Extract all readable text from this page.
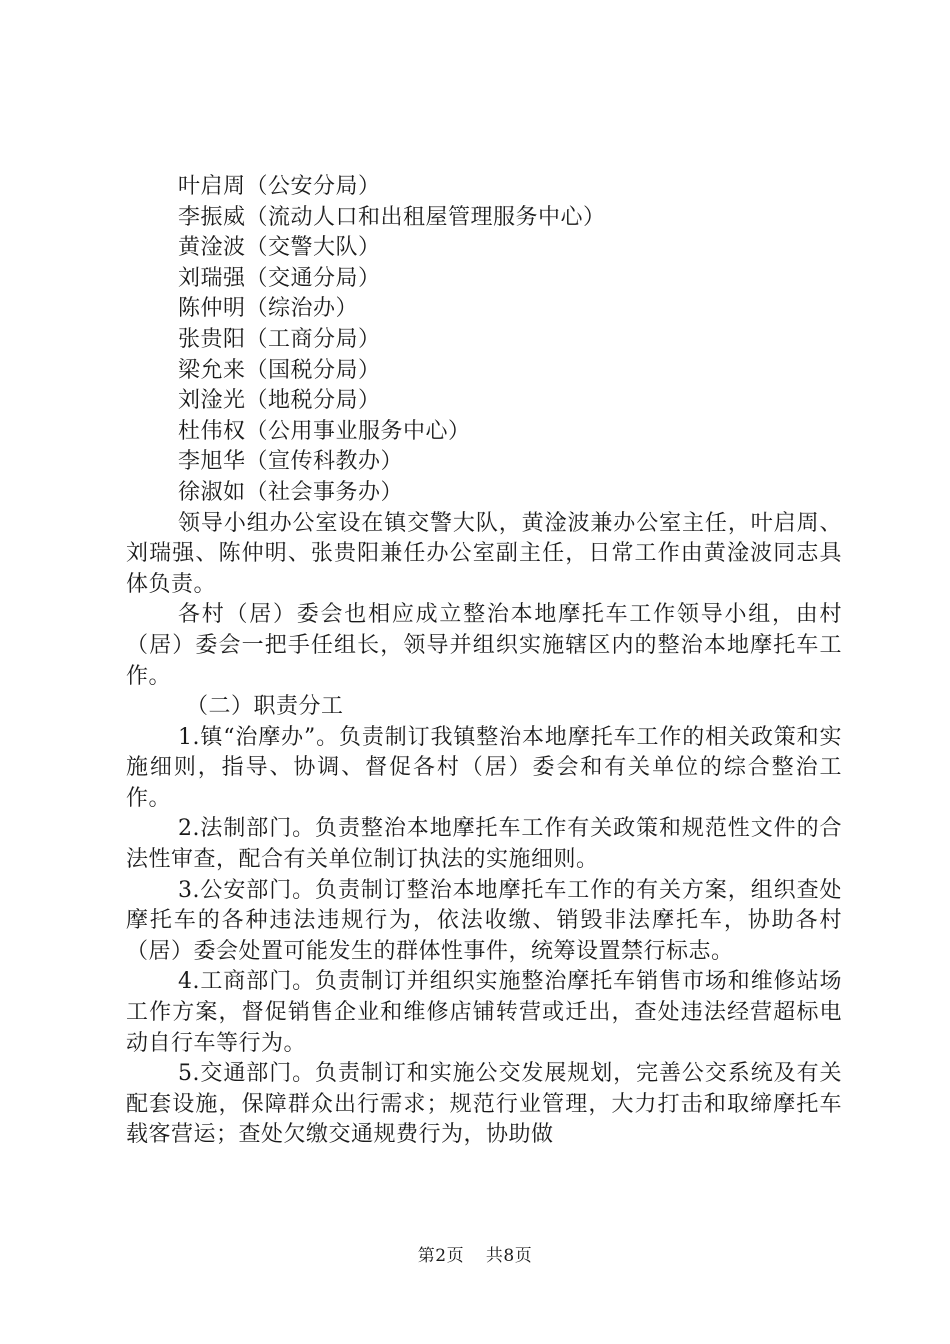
叶启周（公安分局）
李振威（流动人口和出租屋管理服务中心）
黄淦波（交警大队）
刘瑞强（交通分局）
陈仲明（综治办）
张贵阳（工商分局）
梁允来（国税分局）
刘淦光（地税分局）
杜伟权（公用事业服务中心）
李旭华（宣传科教办）
徐淑如（社会事务办）
领导小组办公室设在镇交警大队，黄淦波兼办公室主任，叶启周、刘瑞强、陈仲明、张贵阳兼任办公室副主任，日常工作由黄淦波同志具体负责。
各村（居）委会也相应成立整治本地摩托车工作领导小组，由村（居）委会一把手任组长，领导并组织实施辖区内的整治本地摩托车工作。
（二）职责分工
1.镇“治摩办”。负责制订我镇整治本地摩托车工作的相关政策和实施细则，指导、协调、督促各村（居）委会和有关单位的综合整治工作。
2.法制部门。负责整治本地摩托车工作有关政策和规范性文件的合法性审查，配合有关单位制订执法的实施细则。
3.公安部门。负责制订整治本地摩托车工作的有关方案，组织查处摩托车的各种违法违规行为，依法收缴、销毁非法摩托车，协助各村（居）委会处置可能发生的群体性事件，统筹设置禁行标志。
4.工商部门。负责制订并组织实施整治摩托车销售市场和维修站场工作方案，督促销售企业和维修店铺转营或迁出，查处违法经营超标电动自行车等行为。
5.交通部门。负责制订和实施公交发展规划，完善公交系统及有关配套设施，保障群众出行需求；规范行业管理，大力打击和取缔摩托车载客营运；查处欠缴交通规费行为，协助做
第2页 共8页
